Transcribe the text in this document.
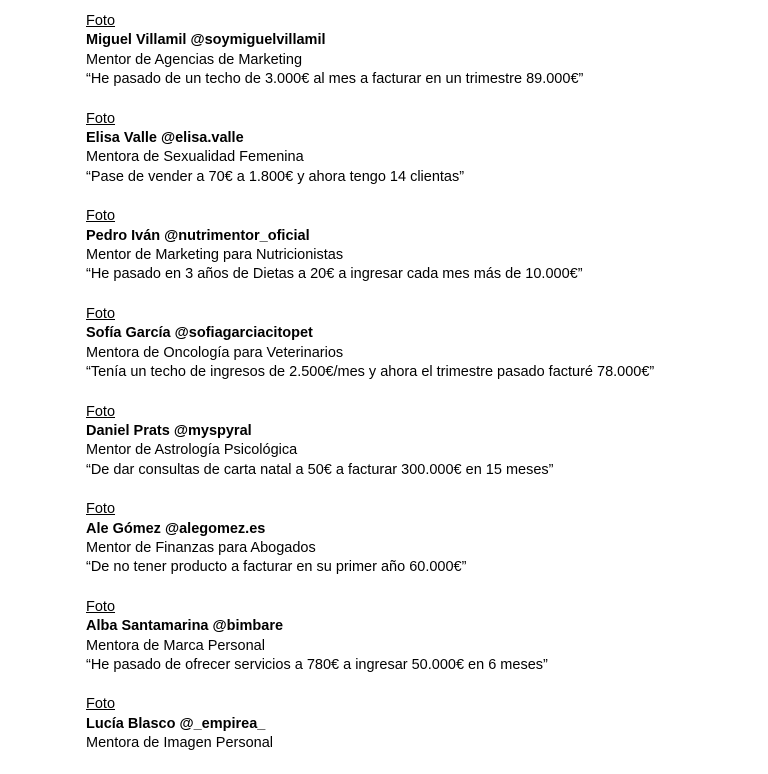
Foto
Miguel Villamil @soymiguelvillamil
Mentor de Agencias de Marketing
“He pasado de un techo de 3.000€ al mes a facturar en un trimestre 89.000€”
Foto
Elisa Valle @elisa.valle
Mentora de Sexualidad Femenina
“Pase de vender a 70€ a 1.800€ y ahora tengo 14 clientas”
Foto
Pedro Iván @nutrimentor_oficial
Mentor de Marketing para Nutricionistas
“He pasado en 3 años de Dietas a 20€ a ingresar cada mes más de 10.000€”
Foto
Sofía García @sofiagarciacitopet
Mentora de Oncología para Veterinarios
“Tenía un techo de ingresos de 2.500€/mes y ahora el trimestre pasado facturé 78.000€”
Foto
Daniel Prats @myspyral
Mentor de Astrología Psicológica
“De dar consultas de carta natal a 50€ a facturar 300.000€ en 15 meses”
Foto
Ale Gómez @alegomez.es
Mentor de Finanzas para Abogados
“De no tener producto a facturar en su primer año 60.000€”
Foto
Alba Santamarina @bimbare
Mentora de Marca Personal
“He pasado de ofrecer servicios a 780€ a ingresar 50.000€ en 6 meses”
Foto
Lucía Blasco @_empirea_
Mentora de Imagen Personal
